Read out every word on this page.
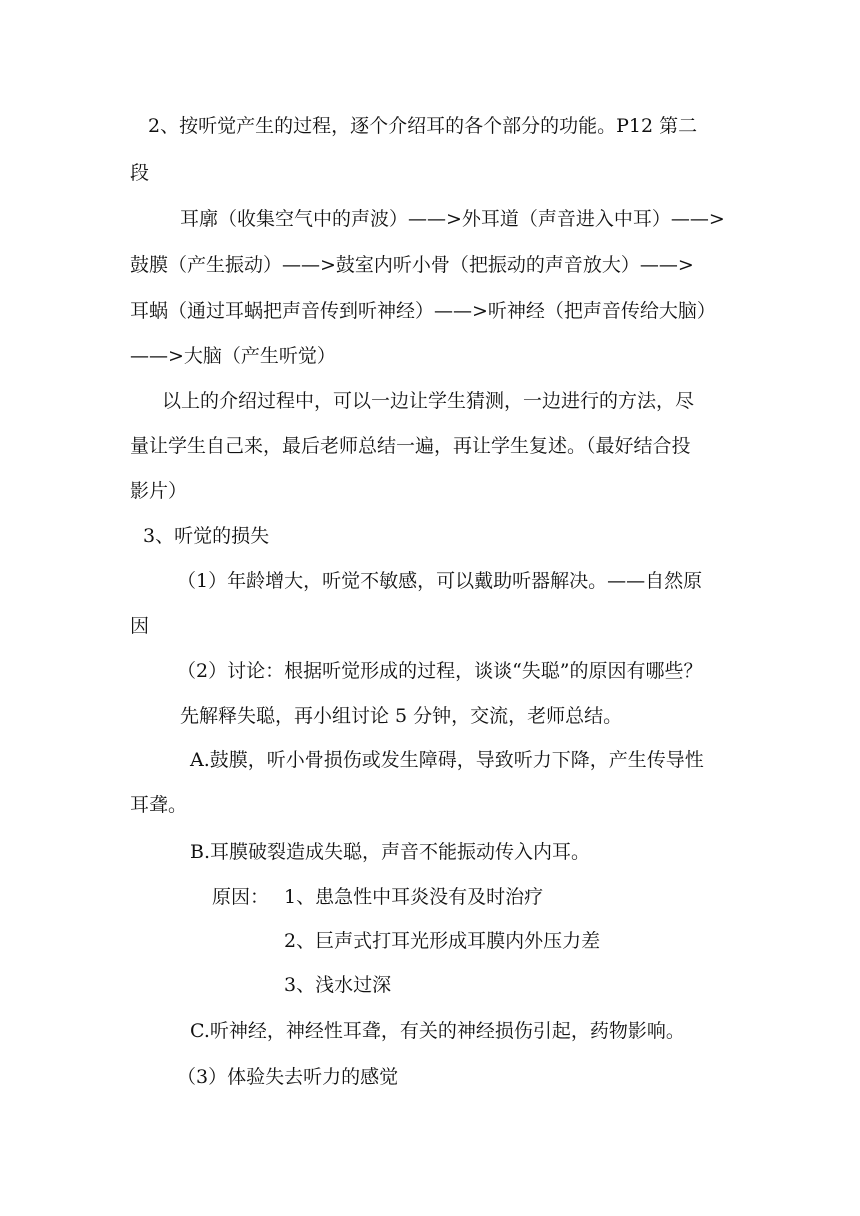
2、按听觉产生的过程，逐个介绍耳的各个部分的功能。P12 第二
段
耳廓（收集空气中的声波）——>外耳道（声音进入中耳）——>
鼓膜（产生振动）——>鼓室内听小骨（把振动的声音放大）——>
耳蜗（通过耳蜗把声音传到听神经）——>听神经（把声音传给大脑）
——>大脑（产生听觉）
以上的介绍过程中，可以一边让学生猜测，一边进行的方法，尽
量让学生自己来，最后老师总结一遍，再让学生复述。（最好结合投
影片）
3、听觉的损失
（1）年龄增大，听觉不敏感，可以戴助听器解决。——自然原
因
（2）讨论：根据听觉形成的过程，谈谈“失聪”的原因有哪些？
先解释失聪，再小组讨论 5 分钟，交流，老师总结。
A.鼓膜，听小骨损伤或发生障碍，导致听力下降，产生传导性
耳聋。
B.耳膜破裂造成失聪，声音不能振动传入内耳。
原因： 1、患急性中耳炎没有及时治疗
2、巨声式打耳光形成耳膜内外压力差
3、浅水过深
C.听神经，神经性耳聋，有关的神经损伤引起，药物影响。
（3）体验失去听力的感觉
